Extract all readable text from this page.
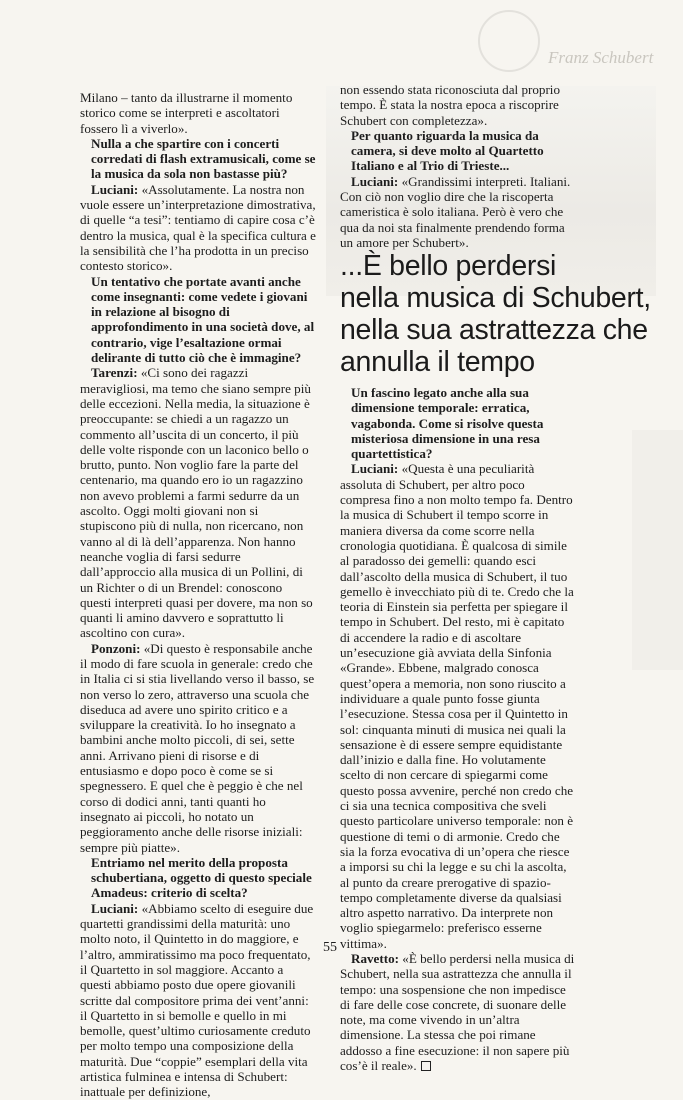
Franz Schubert

Milano – tanto da illustrarne il momento storico come se interpreti e ascoltatori fossero lì a viverlo».

Nulla a che spartire con i concerti corredati di flash extramusicali, come se la musica da sola non bastasse più?

Luciani: «Assolutamente. La nostra non vuole essere un’interpretazione dimostrativa, di quelle “a tesi”: tentiamo di capire cosa c’è dentro la musica, qual è la specifica cultura e la sensibilità che l’ha prodotta in un preciso contesto storico».

Un tentativo che portate avanti anche come insegnanti: come vedete i giovani in relazione al bisogno di approfondimento in una società dove, al contrario, vige l’esaltazione ormai delirante di tutto ciò che è immagine?

Tarenzi: «Ci sono dei ragazzi meravigliosi, ma temo che siano sempre più delle eccezioni. Nella media, la situazione è preoccupante: se chiedi a un ragazzo un commento all’uscita di un concerto, il più delle volte risponde con un laconico bello o brutto, punto. Non voglio fare la parte del centenario, ma quando ero io un ragazzino non avevo problemi a farmi sedurre da un ascolto. Oggi molti giovani non si stupiscono più di nulla, non ricercano, non vanno al di là dell’apparenza. Non hanno neanche voglia di farsi sedurre dall’approccio alla musica di un Pollini, di un Richter o di un Brendel: conoscono questi interpreti quasi per dovere, ma non so quanti li amino davvero e soprattutto li ascoltino con cura».

Ponzoni: «Di questo è responsabile anche il modo di fare scuola in generale: credo che in Italia ci si stia livellando verso il basso, se non verso lo zero, attraverso una scuola che diseduca ad avere uno spirito critico e a sviluppare la creatività. Io ho insegnato a bambini anche molto piccoli, di sei, sette anni. Arrivano pieni di risorse e di entusiasmo e dopo poco è come se si spegnessero. E quel che è peggio è che nel corso di dodici anni, tanti quanti ho insegnato ai piccoli, ho notato un peggioramento anche delle risorse iniziali: sempre più piatte».

Entriamo nel merito della proposta schubertiana, oggetto di questo speciale Amadeus: criterio di scelta?

Luciani: «Abbiamo scelto di eseguire due quartetti grandissimi della maturità: uno molto noto, il Quintetto in do maggiore, e l’altro, ammiratissimo ma poco frequentato, il Quartetto in sol maggiore. Accanto a questi abbiamo posto due opere giovanili scritte dal compositore prima dei vent’anni: il Quartetto in si bemolle e quello in mi bemolle, quest’ultimo curiosamente creduto per molto tempo una composizione della maturità. Due “coppie” esemplari della vita artistica fulminea e intensa di Schubert: inattuale per definizione,

non essendo stata riconosciuta dal proprio tempo. È stata la nostra epoca a riscoprire Schubert con completezza».

Per quanto riguarda la musica da camera, si deve molto al Quartetto Italiano e al Trio di Trieste...

Luciani: «Grandissimi interpreti. Italiani. Con ciò non voglio dire che la riscoperta cameristica è solo italiana. Però è vero che qua da noi sta finalmente prendendo forma un amore per Schubert».

...È bello perdersi
nella musica di Schubert,
nella sua astrattezza che
annulla il tempo

Un fascino legato anche alla sua dimensione temporale: erratica, vagabonda. Come si risolve questa misteriosa dimensione in una resa quartettistica?

Luciani: «Questa è una peculiarità assoluta di Schubert, per altro poco compresa fino a non molto tempo fa. Dentro la musica di Schubert il tempo scorre in maniera diversa da come scorre nella cronologia quotidiana. È qualcosa di simile al paradosso dei gemelli: quando esci dall’ascolto della musica di Schubert, il tuo gemello è invecchiato più di te. Credo che la teoria di Einstein sia perfetta per spiegare il tempo in Schubert. Del resto, mi è capitato di accendere la radio e di ascoltare un’esecuzione già avviata della Sinfonia «Grande». Ebbene, malgrado conosca quest’opera a memoria, non sono riuscito a individuare a quale punto fosse giunta l’esecuzione. Stessa cosa per il Quintetto in sol: cinquanta minuti di musica nei quali la sensazione è di essere sempre equidistante dall’inizio e dalla fine. Ho volutamente scelto di non cercare di spiegarmi come questo possa avvenire, perché non credo che ci sia una tecnica compositiva che sveli questo particolare universo temporale: non è questione di temi o di armonie. Credo che sia la forza evocativa di un’opera che riesce a imporsi su chi la legge e su chi la ascolta, al punto da creare prerogative di spazio-tempo completamente diverse da qualsiasi altro aspetto narrativo. Da interprete non voglio spiegarmelo: preferisco esserne vittima».

Ravetto: «È bello perdersi nella musica di Schubert, nella sua astrattezza che annulla il tempo: una sospensione che non impedisce di fare delle cose concrete, di suonare delle note, ma come vivendo in un’altra dimensione. La stessa che poi rimane addosso a fine esecuzione: il non sapere più cos’è il reale».

55
